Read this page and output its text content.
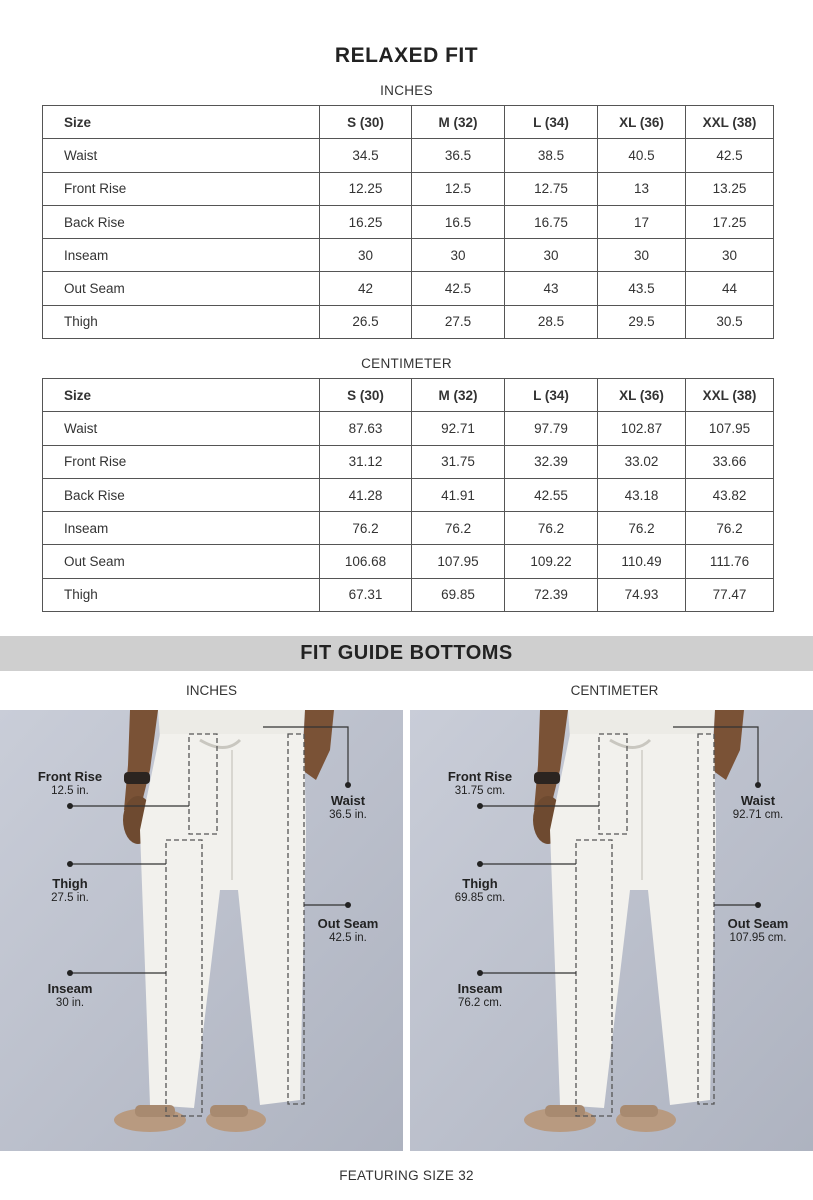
RELAXED FIT
INCHES
Size	S (30)	M (32)	L (34)	XL (36)	XXL (38)
Waist	34.5	36.5	38.5	40.5	42.5
Front Rise	12.25	12.5	12.75	13	13.25
Back Rise	16.25	16.5	16.75	17	17.25
Inseam	30	30	30	30	30
Out Seam	42	42.5	43	43.5	44
Thigh	26.5	27.5	28.5	29.5	30.5
CENTIMETER
Size	S (30)	M (32)	L (34)	XL (36)	XXL (38)
Waist	87.63	92.71	97.79	102.87	107.95
Front Rise	31.12	31.75	32.39	33.02	33.66
Back Rise	41.28	41.91	42.55	43.18	43.82
Inseam	76.2	76.2	76.2	76.2	76.2
Out Seam	106.68	107.95	109.22	110.49	111.76
Thigh	67.31	69.85	72.39	74.93	77.47
FIT GUIDE BOTTOMS
INCHES
Front Rise
12.5 in.
Waist
36.5 in.
Thigh
27.5 in.
Out Seam
42.5 in.
Inseam
30 in.
CENTIMETER
Front Rise
31.75 cm.
Waist
92.71 cm.
Thigh
69.85 cm.
Out Seam
107.95 cm.
Inseam
76.2 cm.
FEATURING SIZE 32
